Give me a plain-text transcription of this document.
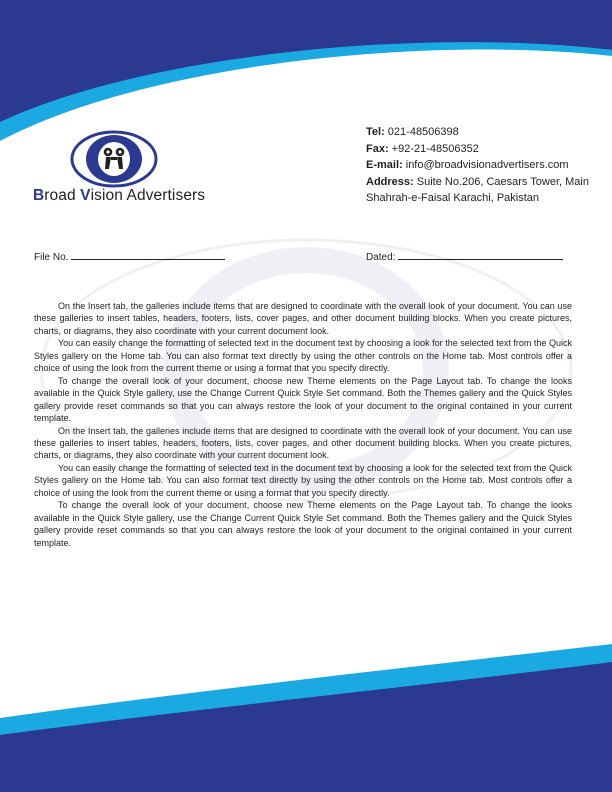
Broad Vision Advertisers
Tel: 021-48506398
Fax: +92-21-48506352
E-mail: info@broadvisionadvertisers.com
Address: Suite No.206, Caesars Tower, Main
Shahrah-e-Faisal Karachi, Pakistan
File No.	Dated:

On the Insert tab, the galleries include items that are designed to coordinate with the overall look of your document. You can use these galleries to insert tables, headers, footers, lists, cover pages, and other document building blocks. When you create pictures, charts, or diagrams, they also coordinate with your current document look.

You can easily change the formatting of selected text in the document text by choosing a look for the selected text from the Quick Styles gallery on the Home tab. You can also format text directly by using the other controls on the Home tab. Most controls offer a choice of using the look from the current theme or using a format that you specify directly.

To change the overall look of your document, choose new Theme elements on the Page Layout tab. To change the looks available in the Quick Style gallery, use the Change Current Quick Style Set command. Both the Themes gallery and the Quick Styles gallery provide reset commands so that you can always restore the look of your document to the original contained in your current template.

On the Insert tab, the galleries include items that are designed to coordinate with the overall look of your document. You can use these galleries to insert tables, headers, footers, lists, cover pages, and other document building blocks. When you create pictures, charts, or diagrams, they also coordinate with your current document look.

You can easily change the formatting of selected text in the document text by choosing a look for the selected text from the Quick Styles gallery on the Home tab. You can also format text directly by using the other controls on the Home tab. Most controls offer a choice of using the look from the current theme or using a format that you specify directly.

To change the overall look of your document, choose new Theme elements on the Page Layout tab. To change the looks available in the Quick Style gallery, use the Change Current Quick Style Set command. Both the Themes gallery and the Quick Styles gallery provide reset commands so that you can always restore the look of your document to the original contained in your current template.
